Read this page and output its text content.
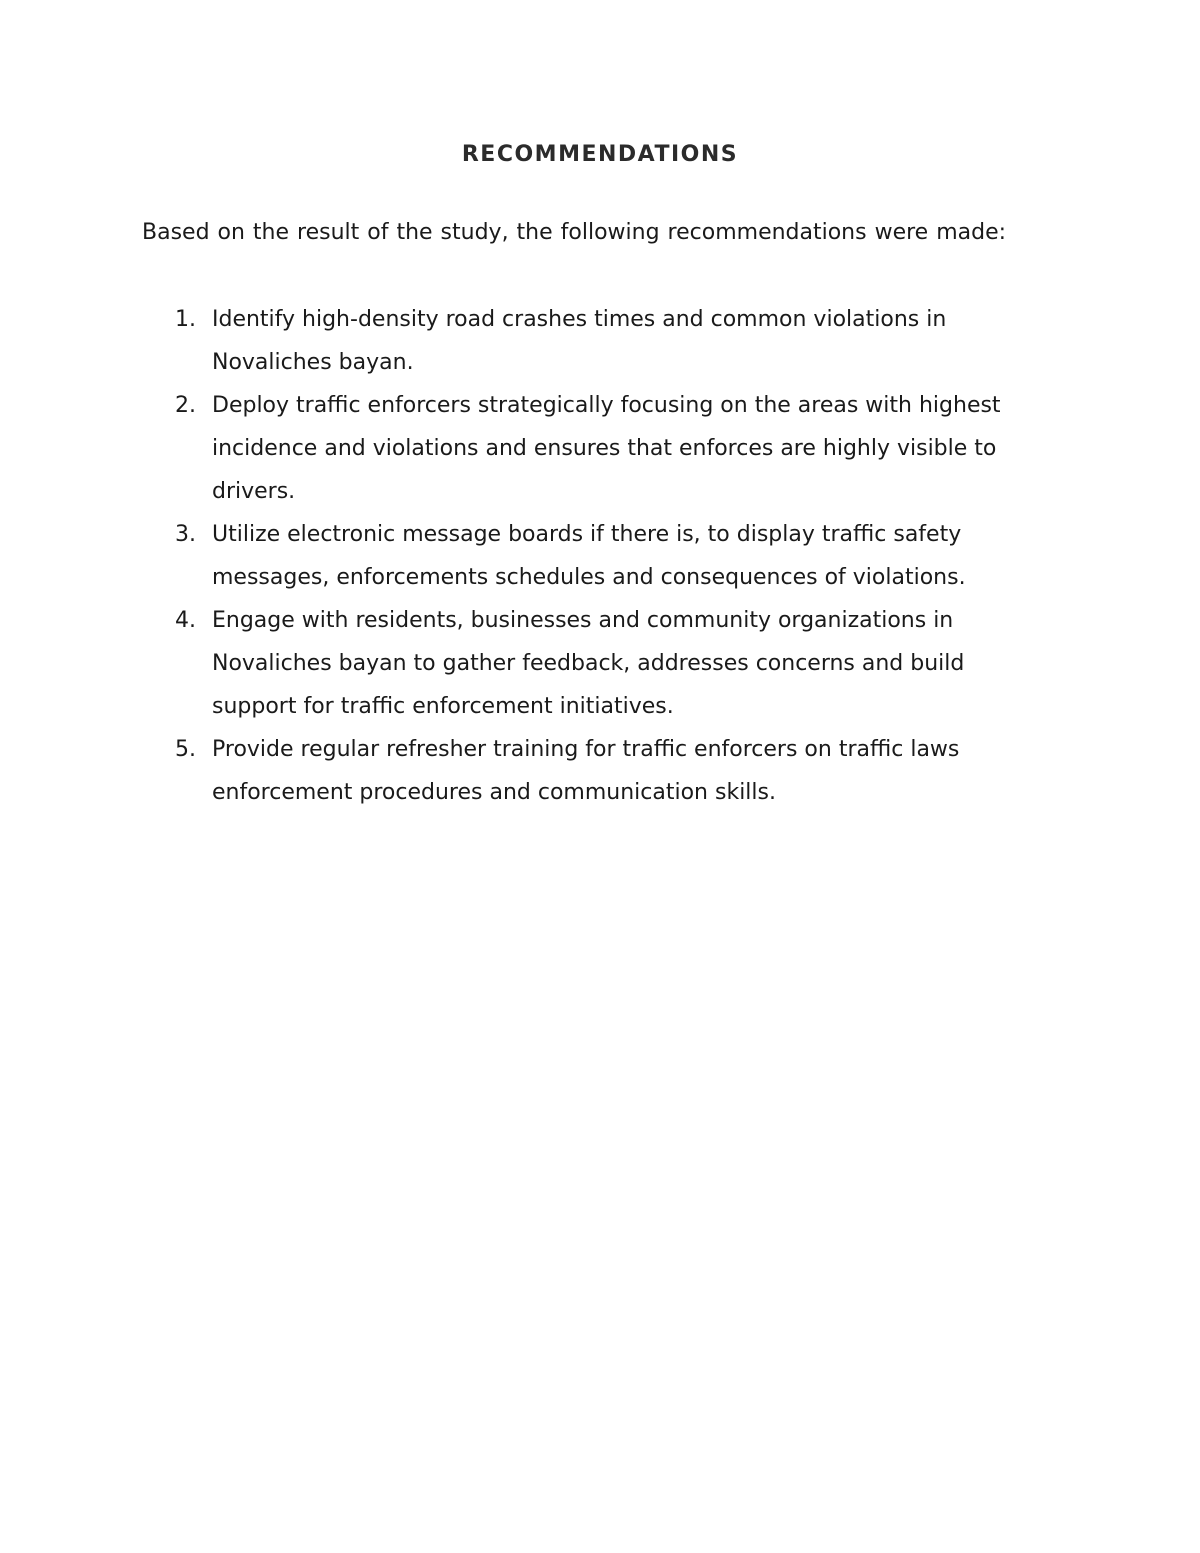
RECOMMENDATIONS

Based on the result of the study, the following recommendations were made:

1. Identify high-density road crashes times and common violations in
Novaliches bayan.
2. Deploy traffic enforcers strategically focusing on the areas with highest
incidence and violations and ensures that enforces are highly visible to
drivers.
3. Utilize electronic message boards if there is, to display traffic safety
messages, enforcements schedules and consequences of violations.
4. Engage with residents, businesses and community organizations in
Novaliches bayan to gather feedback, addresses concerns and build
support for traffic enforcement initiatives.
5. Provide regular refresher training for traffic enforcers on traffic laws
enforcement procedures and communication skills.
